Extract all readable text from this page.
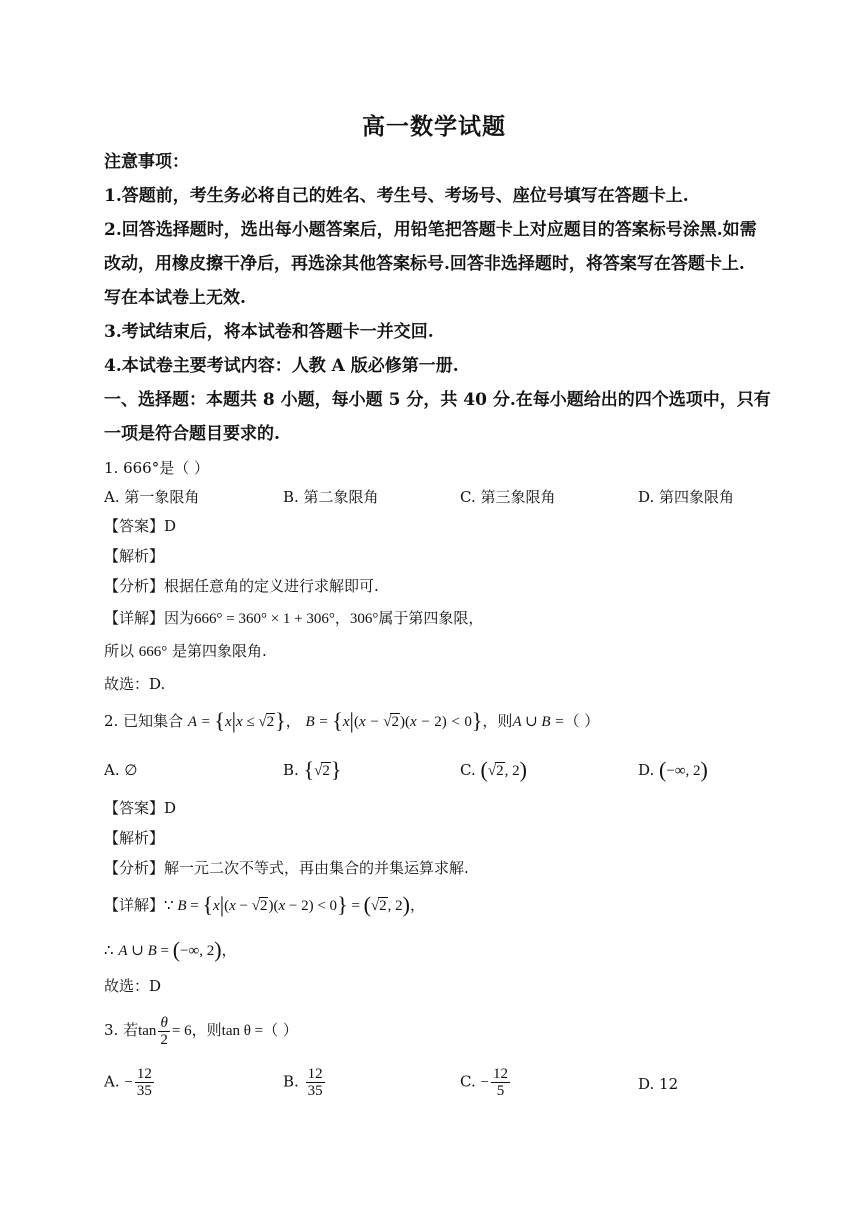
高一数学试题
注意事项：
1.答题前，考生务必将自己的姓名、考生号、考场号、座位号填写在答题卡上.
2.回答选择题时，选出每小题答案后，用铅笔把答题卡上对应题目的答案标号涂黑.如需
改动，用橡皮擦干净后，再选涂其他答案标号.回答非选择题时，将答案写在答题卡上.
写在本试卷上无效.
3.考试结束后，将本试卷和答题卡一并交回.
4.本试卷主要考试内容：人教 A 版必修第一册.
一、选择题：本题共 8 小题，每小题 5 分，共 40 分.在每小题给出的四个选项中，只有
一项是符合题目要求的.
1. 666°是（ ）
A. 第一象限角	B. 第二象限角	C. 第三象限角	D. 第四象限角
【答案】D
【解析】
【分析】根据任意角的定义进行求解即可.
【详解】因为666° = 360° × 1 + 306°，306°属于第四象限，
所以 666° 是第四象限角.
故选：D.
2. 已知集合 A = {x|x ≤ √2}， B = {x|(x − √2)(x − 2) < 0}，则A ∪ B =（ ）
A. ∅	B. {√2}	C. (√2, 2)	D. (−∞, 2)
【答案】D
【解析】
【分析】解一元二次不等式，再由集合的并集运算求解.
【详解】∵ B = {x|(x − √2)(x − 2) < 0} = (√2, 2)，
∴ A ∪ B = (−∞, 2)，
故选：D
3. 若$\tan \frac{\theta}{2} = 6$，则tan θ =（ ）
A. − $\frac{12}{35}$	B. $\frac{12}{35}$	C. − $\frac{12}{5}$	D. 12
